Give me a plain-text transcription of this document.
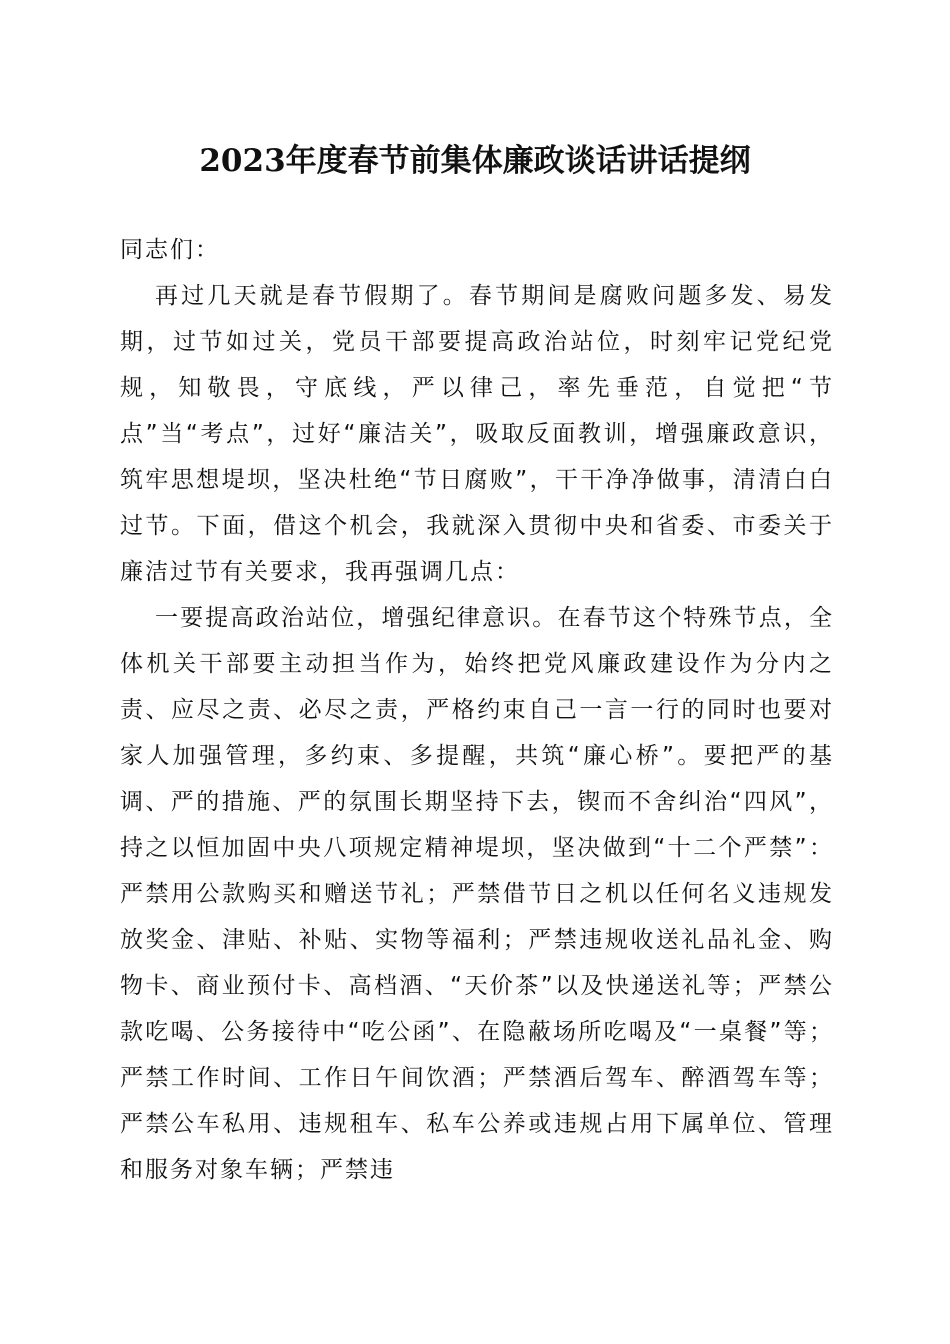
2023年度春节前集体廉政谈话讲话提纲

同志们：

再过几天就是春节假期了。春节期间是腐败问题多发、易发期，过节如过关，党员干部要提高政治站位，时刻牢记党纪党规，知敬畏，守底线，严以律己，率先垂范，自觉把“节点”当“考点”，过好“廉洁关”，吸取反面教训，增强廉政意识，筑牢思想堤坝，坚决杜绝“节日腐败”，干干净净做事，清清白白过节。下面，借这个机会，我就深入贯彻中央和省委、市委关于廉洁过节有关要求，我再强调几点：

一要提高政治站位，增强纪律意识。在春节这个特殊节点，全体机关干部要主动担当作为，始终把党风廉政建设作为分内之责、应尽之责、必尽之责，严格约束自己一言一行的同时也要对家人加强管理，多约束、多提醒，共筑“廉心桥”。要把严的基调、严的措施、严的氛围长期坚持下去，锲而不舍纠治“四风”，持之以恒加固中央八项规定精神堤坝，坚决做到“十二个严禁”：严禁用公款购买和赠送节礼；严禁借节日之机以任何名义违规发放奖金、津贴、补贴、实物等福利；严禁违规收送礼品礼金、购物卡、商业预付卡、高档酒、“天价茶”以及快递送礼等；严禁公款吃喝、公务接待中“吃公函”、在隐蔽场所吃喝及“一桌餐”等；严禁工作时间、工作日午间饮酒；严禁酒后驾车、醉酒驾车等；严禁公车私用、违规租车、私车公养或违规占用下属单位、管理和服务对象车辆；严禁违
